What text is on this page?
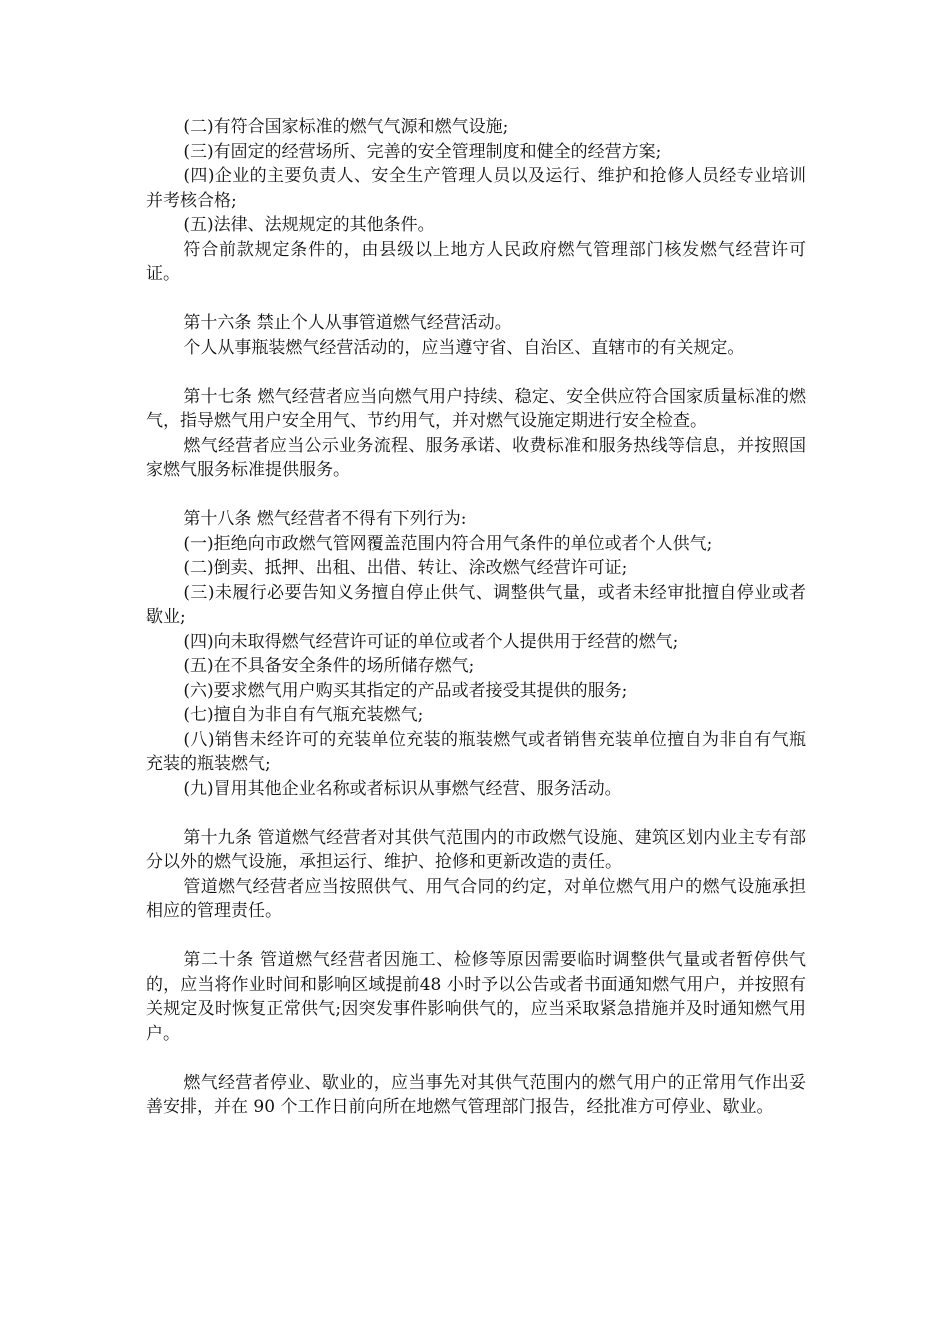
(二)有符合国家标准的燃气气源和燃气设施;

(三)有固定的经营场所、完善的安全管理制度和健全的经营方案;

(四)企业的主要负责人、安全生产管理人员以及运行、维护和抢修人员经专业培训并考核合格;

(五)法律、法规规定的其他条件。

符合前款规定条件的，由县级以上地方人民政府燃气管理部门核发燃气经营许可证。

第十六条 禁止个人从事管道燃气经营活动。

个人从事瓶装燃气经营活动的，应当遵守省、自治区、直辖市的有关规定。

第十七条 燃气经营者应当向燃气用户持续、稳定、安全供应符合国家质量标准的燃气，指导燃气用户安全用气、节约用气，并对燃气设施定期进行安全检查。

燃气经营者应当公示业务流程、服务承诺、收费标准和服务热线等信息，并按照国家燃气服务标准提供服务。

第十八条 燃气经营者不得有下列行为:

(一)拒绝向市政燃气管网覆盖范围内符合用气条件的单位或者个人供气;

(二)倒卖、抵押、出租、出借、转让、涂改燃气经营许可证;

(三)未履行必要告知义务擅自停止供气、调整供气量，或者未经审批擅自停业或者歇业;

(四)向未取得燃气经营许可证的单位或者个人提供用于经营的燃气;

(五)在不具备安全条件的场所储存燃气;

(六)要求燃气用户购买其指定的产品或者接受其提供的服务;

(七)擅自为非自有气瓶充装燃气;

(八)销售未经许可的充装单位充装的瓶装燃气或者销售充装单位擅自为非自有气瓶充装的瓶装燃气;

(九)冒用其他企业名称或者标识从事燃气经营、服务活动。

第十九条 管道燃气经营者对其供气范围内的市政燃气设施、建筑区划内业主专有部分以外的燃气设施，承担运行、维护、抢修和更新改造的责任。

管道燃气经营者应当按照供气、用气合同的约定，对单位燃气用户的燃气设施承担相应的管理责任。

第二十条 管道燃气经营者因施工、检修等原因需要临时调整供气量或者暂停供气的，应当将作业时间和影响区域提前48 小时予以公告或者书面通知燃气用户，并按照有关规定及时恢复正常供气;因突发事件影响供气的，应当采取紧急措施并及时通知燃气用户。

燃气经营者停业、歇业的，应当事先对其供气范围内的燃气用户的正常用气作出妥善安排，并在 90 个工作日前向所在地燃气管理部门报告，经批准方可停业、歇业。
